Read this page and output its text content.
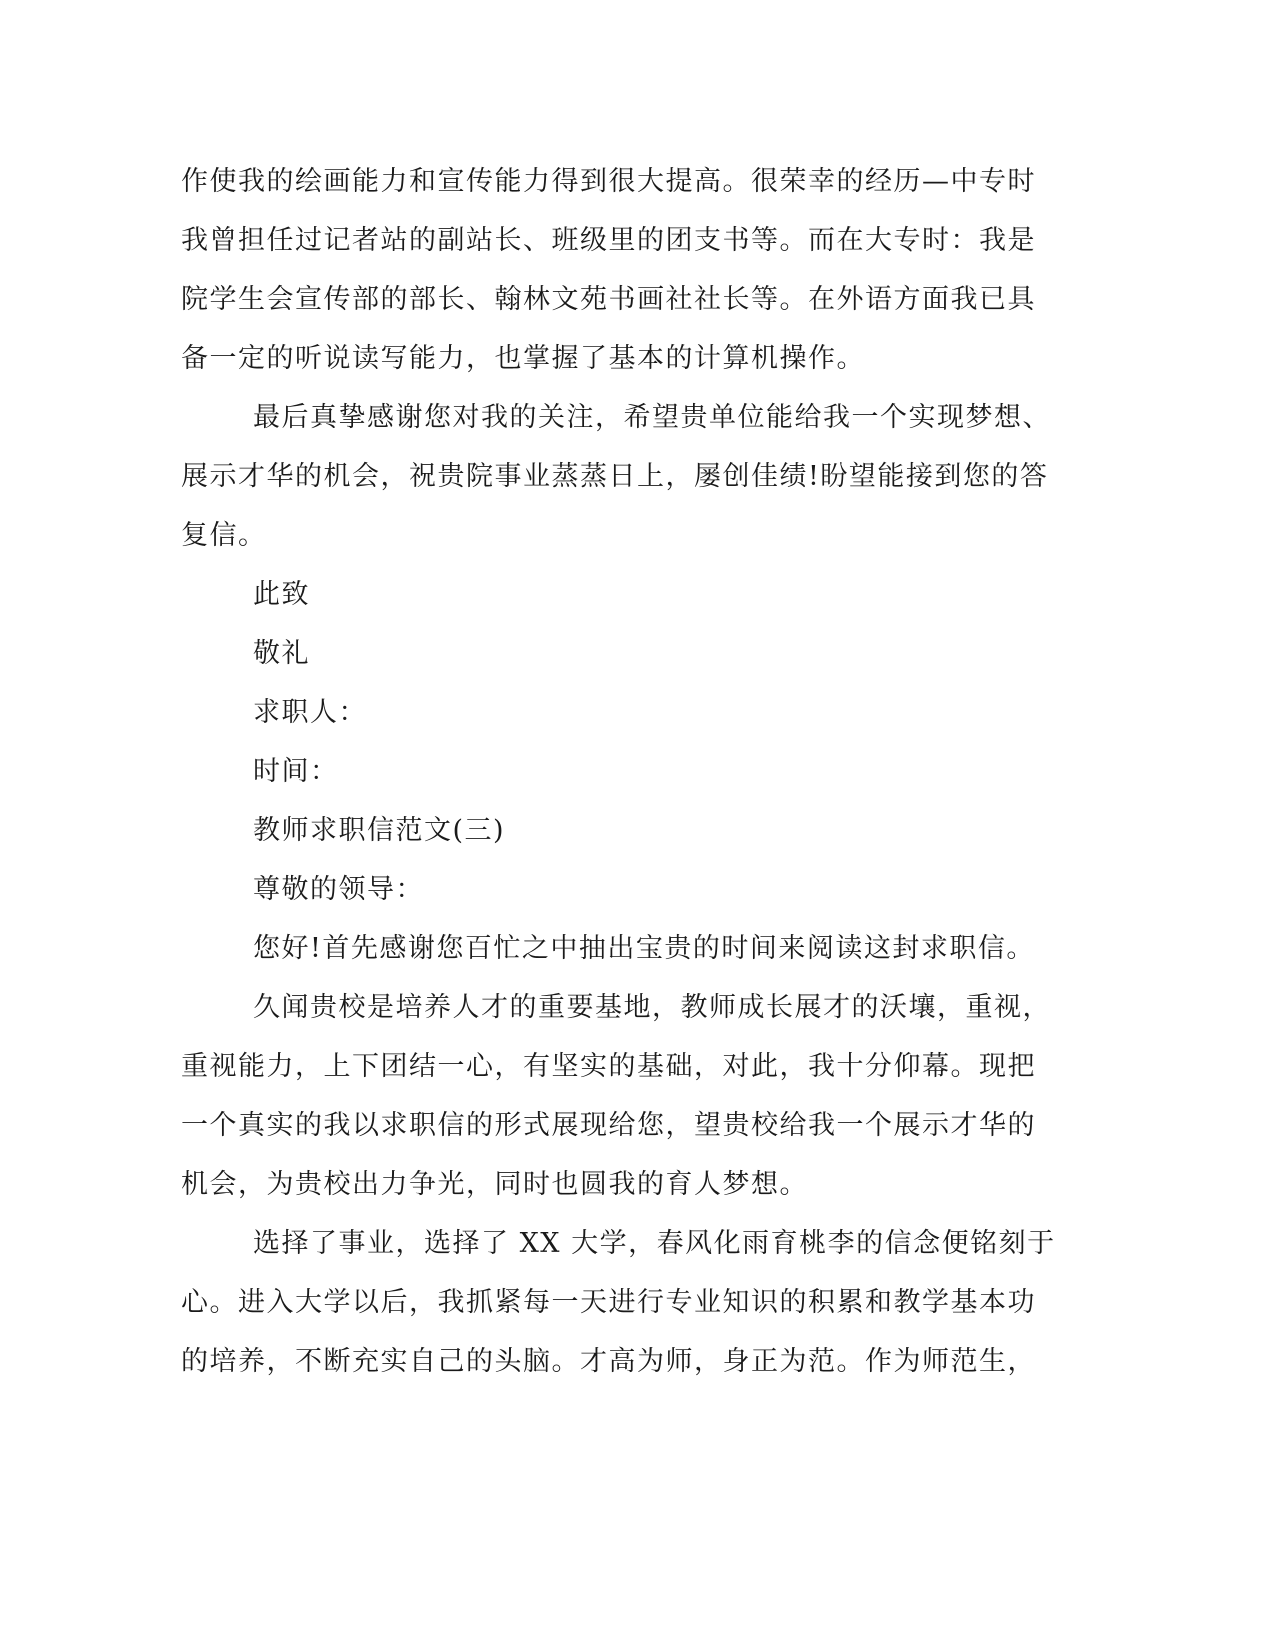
作使我的绘画能力和宣传能力得到很大提高。很荣幸的经历—中专时
我曾担任过记者站的副站长、班级里的团支书等。而在大专时：我是
院学生会宣传部的部长、翰林文苑书画社社长等。在外语方面我已具
备一定的听说读写能力，也掌握了基本的计算机操作。
最后真挚感谢您对我的关注，希望贵单位能给我一个实现梦想、
展示才华的机会，祝贵院事业蒸蒸日上，屡创佳绩!盼望能接到您的答
复信。
此致
敬礼
求职人：
时间：
教师求职信范文(三)
尊敬的领导：
您好!首先感谢您百忙之中抽出宝贵的时间来阅读这封求职信。
久闻贵校是培养人才的重要基地，教师成长展才的沃壤，重视，
重视能力，上下团结一心，有坚实的基础，对此，我十分仰幕。现把
一个真实的我以求职信的形式展现给您，望贵校给我一个展示才华的
机会，为贵校出力争光，同时也圆我的育人梦想。
选择了事业，选择了 XX 大学，春风化雨育桃李的信念便铭刻于
心。进入大学以后，我抓紧每一天进行专业知识的积累和教学基本功
的培养，不断充实自己的头脑。才高为师，身正为范。作为师范生，
